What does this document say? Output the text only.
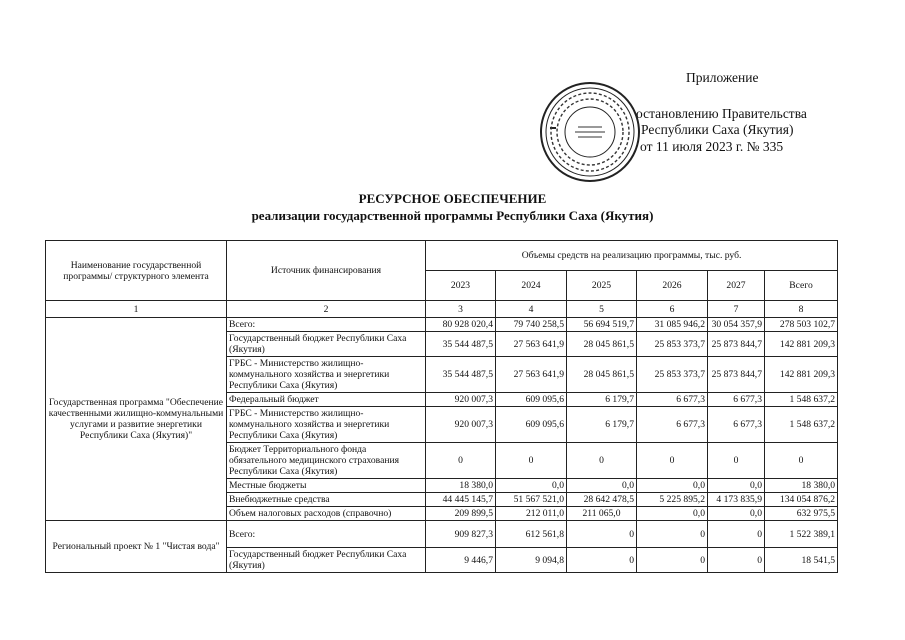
Приложение
остановлению Правительства
Республики Саха (Якутия)
от 11 июля 2023 г. № 335
РЕСУРСНОЕ ОБЕСПЕЧЕНИЕ
реализации государственной программы Республики Саха (Якутия)
Наименование государственной программы/ структурного элемента	Источник финансирования	Объемы средств на реализацию программы, тыс. руб.					
		2023	2024	2025	2026	2027	Всего
1	2	3	4	5	6	7	8
Государственная программа "Обеспечение качественными жилищно-коммунальными услугами и развитие энергетики Республики Саха (Якутия)"	Всего:	80 928 020,4	79 740 258,5	56 694 519,7	31 085 946,2	30 054 357,9	278 503 102,7
	Государственный бюджет Республики Саха (Якутия)	35 544 487,5	27 563 641,9	28 045 861,5	25 853 373,7	25 873 844,7	142 881 209,3
	ГРБС - Министерство жилищно-коммунального хозяйства и энергетики Республики Саха (Якутия)	35 544 487,5	27 563 641,9	28 045 861,5	25 853 373,7	25 873 844,7	142 881 209,3
	Федеральный бюджет	920 007,3	609 095,6	6 179,7	6 677,3	6 677,3	1 548 637,2
	ГРБС - Министерство жилищно-коммунального хозяйства и энергетики Республики Саха (Якутия)	920 007,3	609 095,6	6 179,7	6 677,3	6 677,3	1 548 637,2
	Бюджет Территориального фонда обязательного медицинского страхования Республики Саха (Якутия)	0	0	0	0	0	0
	Местные бюджеты	18 380,0	0,0	0,0	0,0	0,0	18 380,0
	Внебюджетные средства	44 445 145,7	51 567 521,0	28 642 478,5	5 225 895,2	4 173 835,9	134 054 876,2
	Объем налоговых расходов (справочно)	209 899,5	212 011,0	211 065,0	0,0	0,0	632 975,5
Региональный проект № 1 "Чистая вода"	Всего:	909 827,3	612 561,8	0	0	0	1 522 389,1
	Государственный бюджет Республики Саха (Якутия)	9 446,7	9 094,8	0	0	0	18 541,5
